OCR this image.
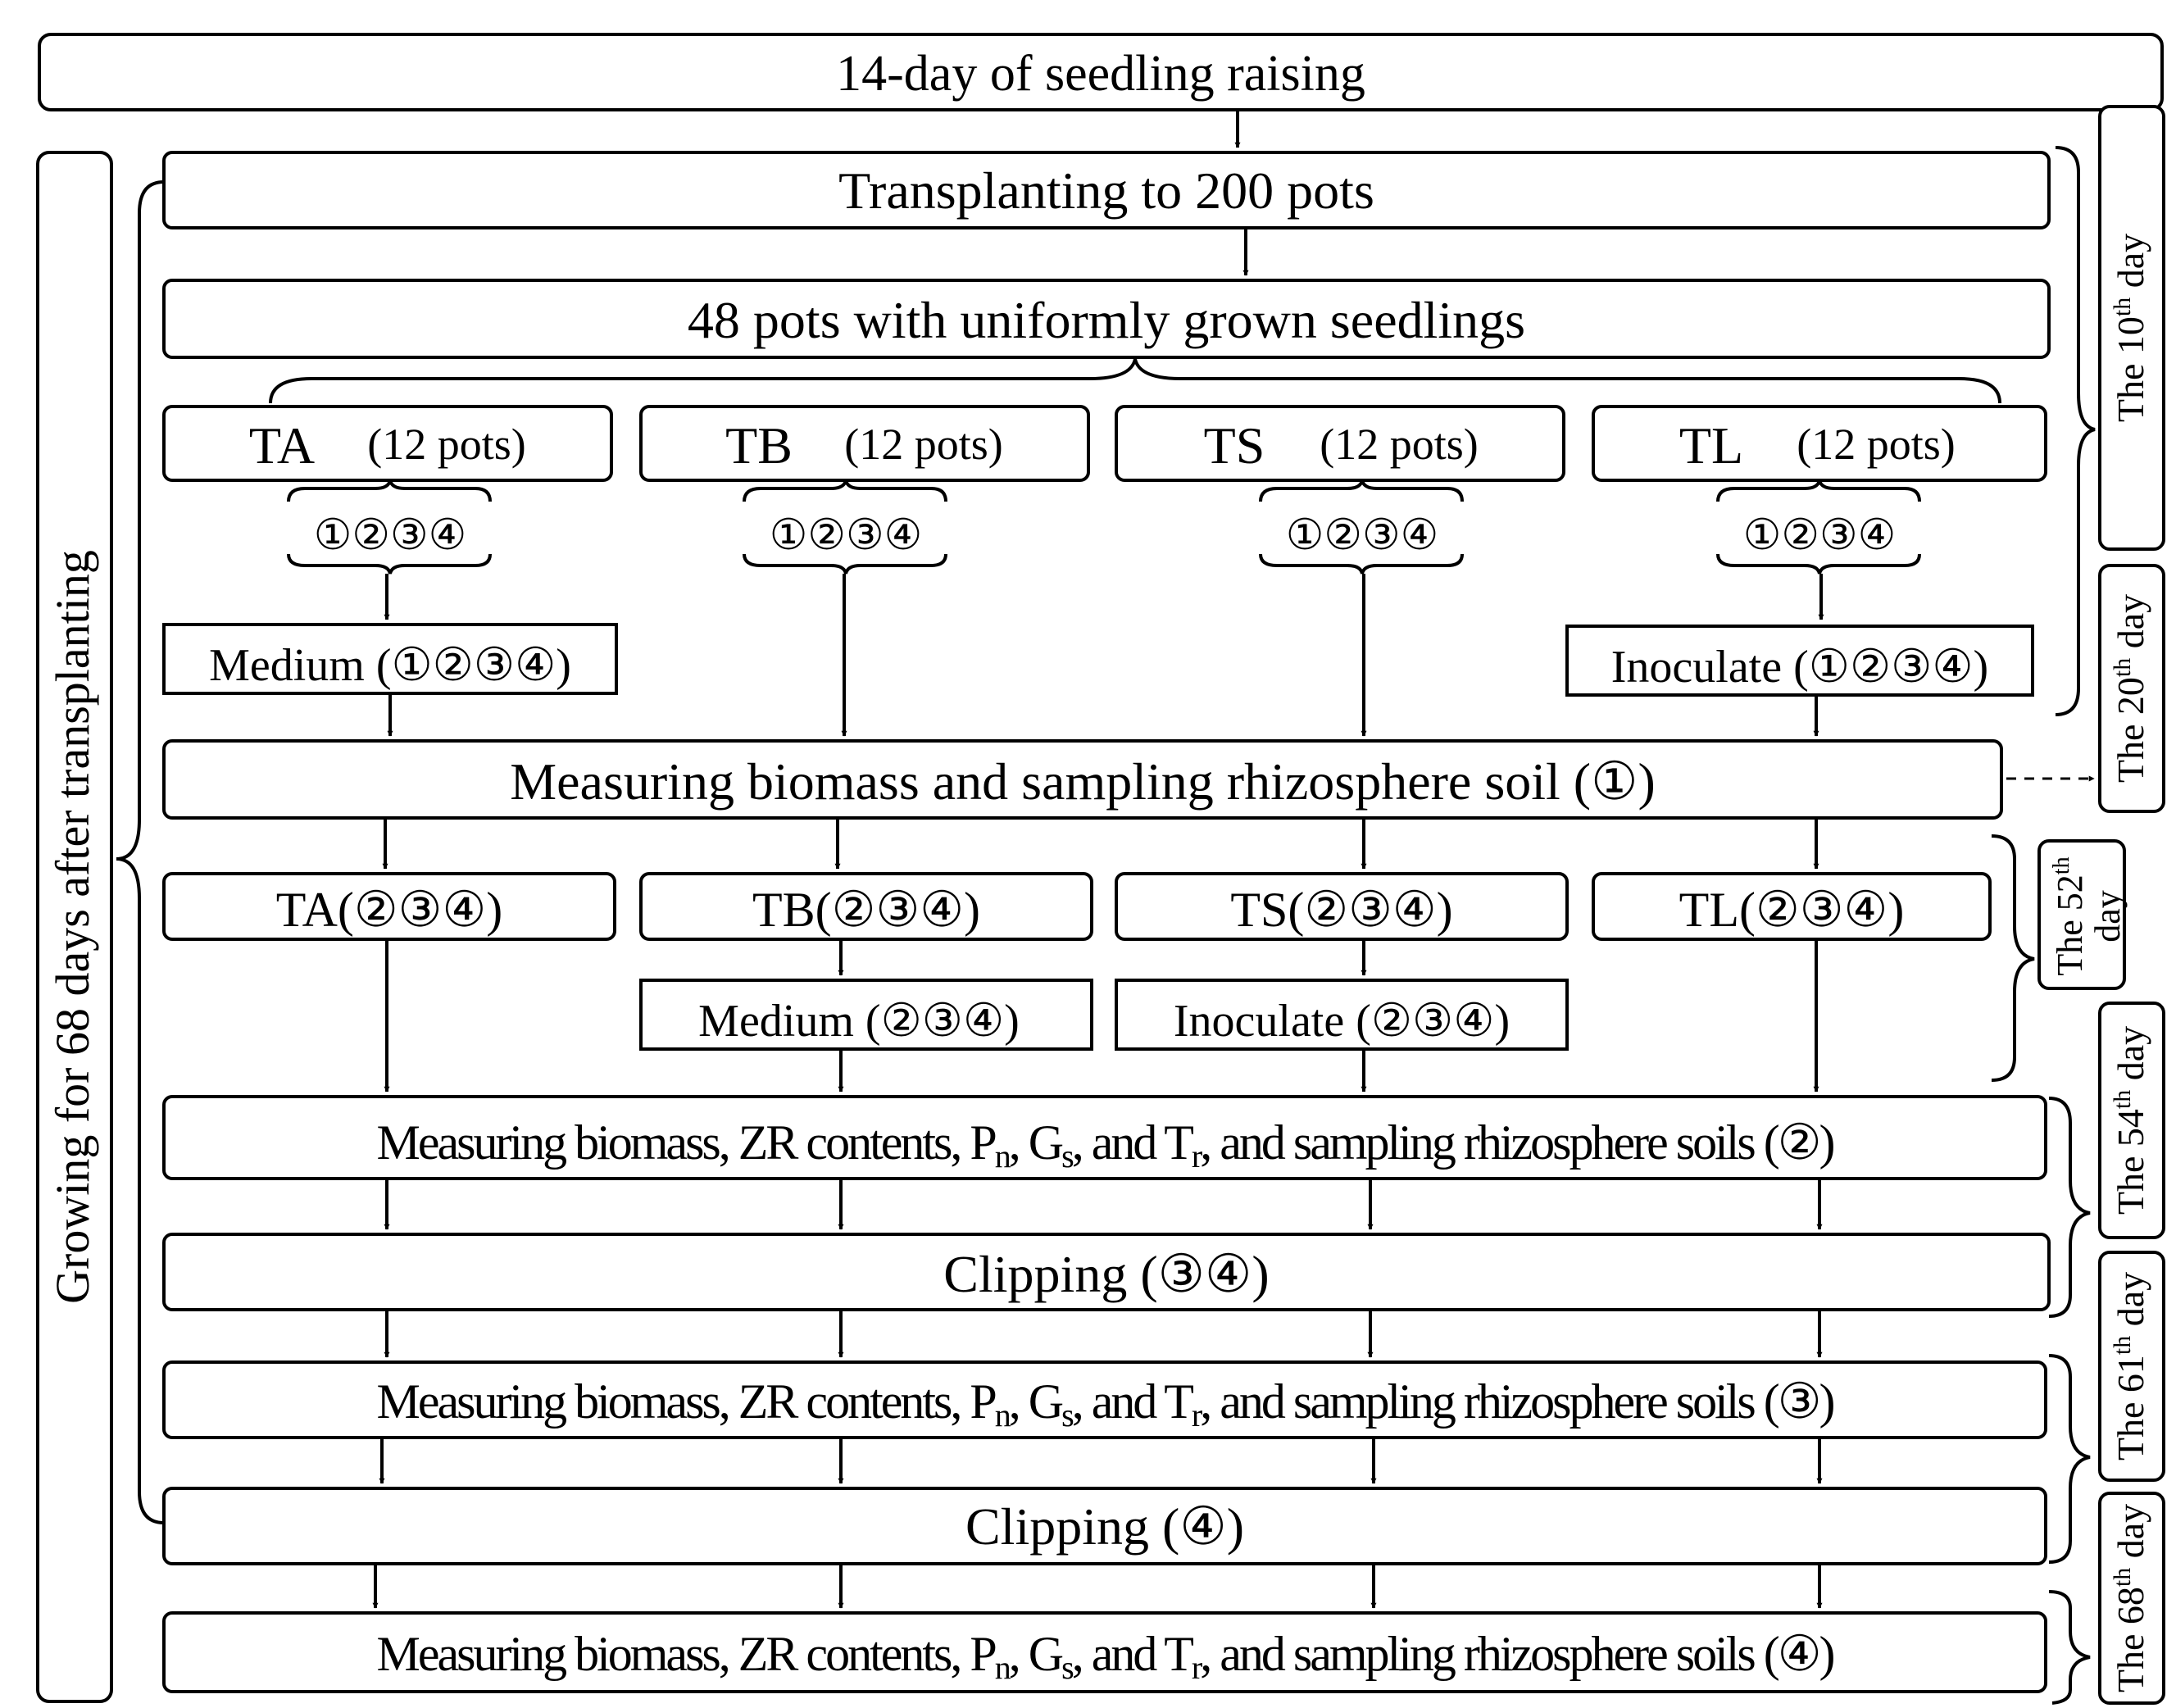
14-day of seedling raising
Growing for 68 days after transplanting
Transplanting to 200 pots
48 pots with uniformly grown seedlings
TA (12 pots)	TB (12 pots)	TS (12 pots)	TL (12 pots)
①②③④	①②③④	①②③④	①②③④
Medium (①②③④)	Inoculate (①②③④)
Measuring biomass and sampling rhizosphere soil (①)
TA(②③④)	TB(②③④)	TS(②③④)	TL(②③④)
Medium (②③④)	Inoculate (②③④)
Measuring biomass, ZR contents, Pn, Gs, and Tr, and sampling rhizosphere soils (②)
Clipping (③④)
Measuring biomass, ZR contents, Pn, Gs, and Tr, and sampling rhizosphere soils (③)
Clipping (④)
Measuring biomass, ZR contents, Pn, Gs, and Tr, and sampling rhizosphere soils (④)
The 10th day
The 20th day
The 52th
day
The 54th day
The 61th day
The 68th day
